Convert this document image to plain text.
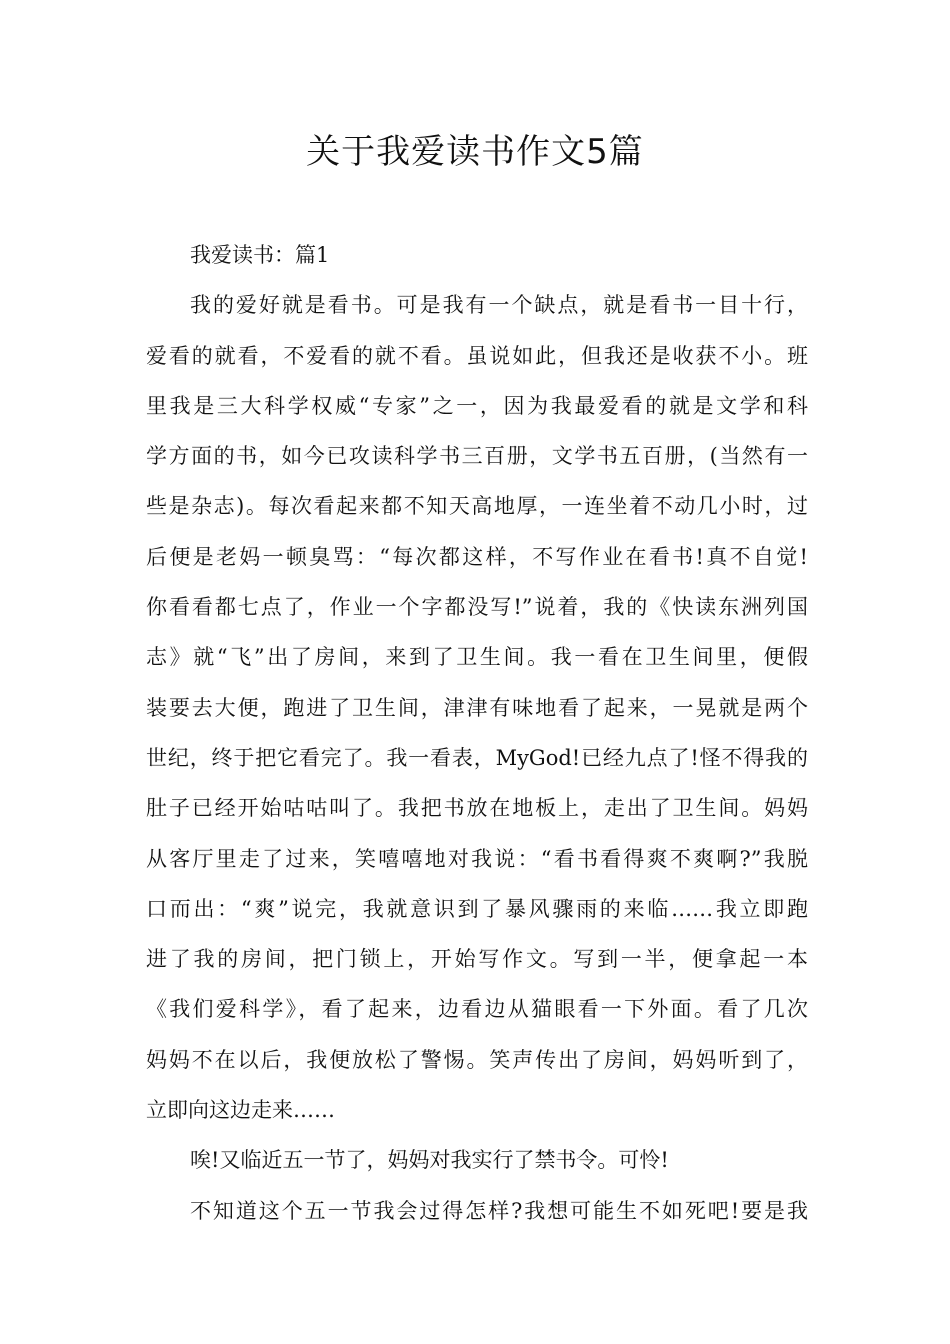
关于我爱读书作文5篇
我爱读书：篇1
我的爱好就是看书。可是我有一个缺点，就是看书一目十行，
爱看的就看，不爱看的就不看。虽说如此，但我还是收获不小。班
里我是三大科学权威“专家”之一，因为我最爱看的就是文学和科
学方面的书，如今已攻读科学书三百册，文学书五百册，(当然有一
些是杂志)。每次看起来都不知天高地厚，一连坐着不动几小时，过
后便是老妈一顿臭骂：“每次都这样，不写作业在看书!真不自觉!
你看看都七点了，作业一个字都没写!”说着，我的《快读东洲列国
志》就“飞”出了房间，来到了卫生间。我一看在卫生间里，便假
装要去大便，跑进了卫生间，津津有味地看了起来，一晃就是两个
世纪，终于把它看完了。我一看表，MyGod!已经九点了!怪不得我的
肚子已经开始咕咕叫了。我把书放在地板上，走出了卫生间。妈妈
从客厅里走了过来，笑嘻嘻地对我说：“看书看得爽不爽啊?”我脱
口而出：“爽”说完，我就意识到了暴风骤雨的来临……我立即跑
进了我的房间，把门锁上，开始写作文。写到一半，便拿起一本
《我们爱科学》，看了起来，边看边从猫眼看一下外面。看了几次
妈妈不在以后，我便放松了警惕。笑声传出了房间，妈妈听到了，
立即向这边走来……
唉!又临近五一节了，妈妈对我实行了禁书令。可怜!
不知道这个五一节我会过得怎样?我想可能生不如死吧!要是我
